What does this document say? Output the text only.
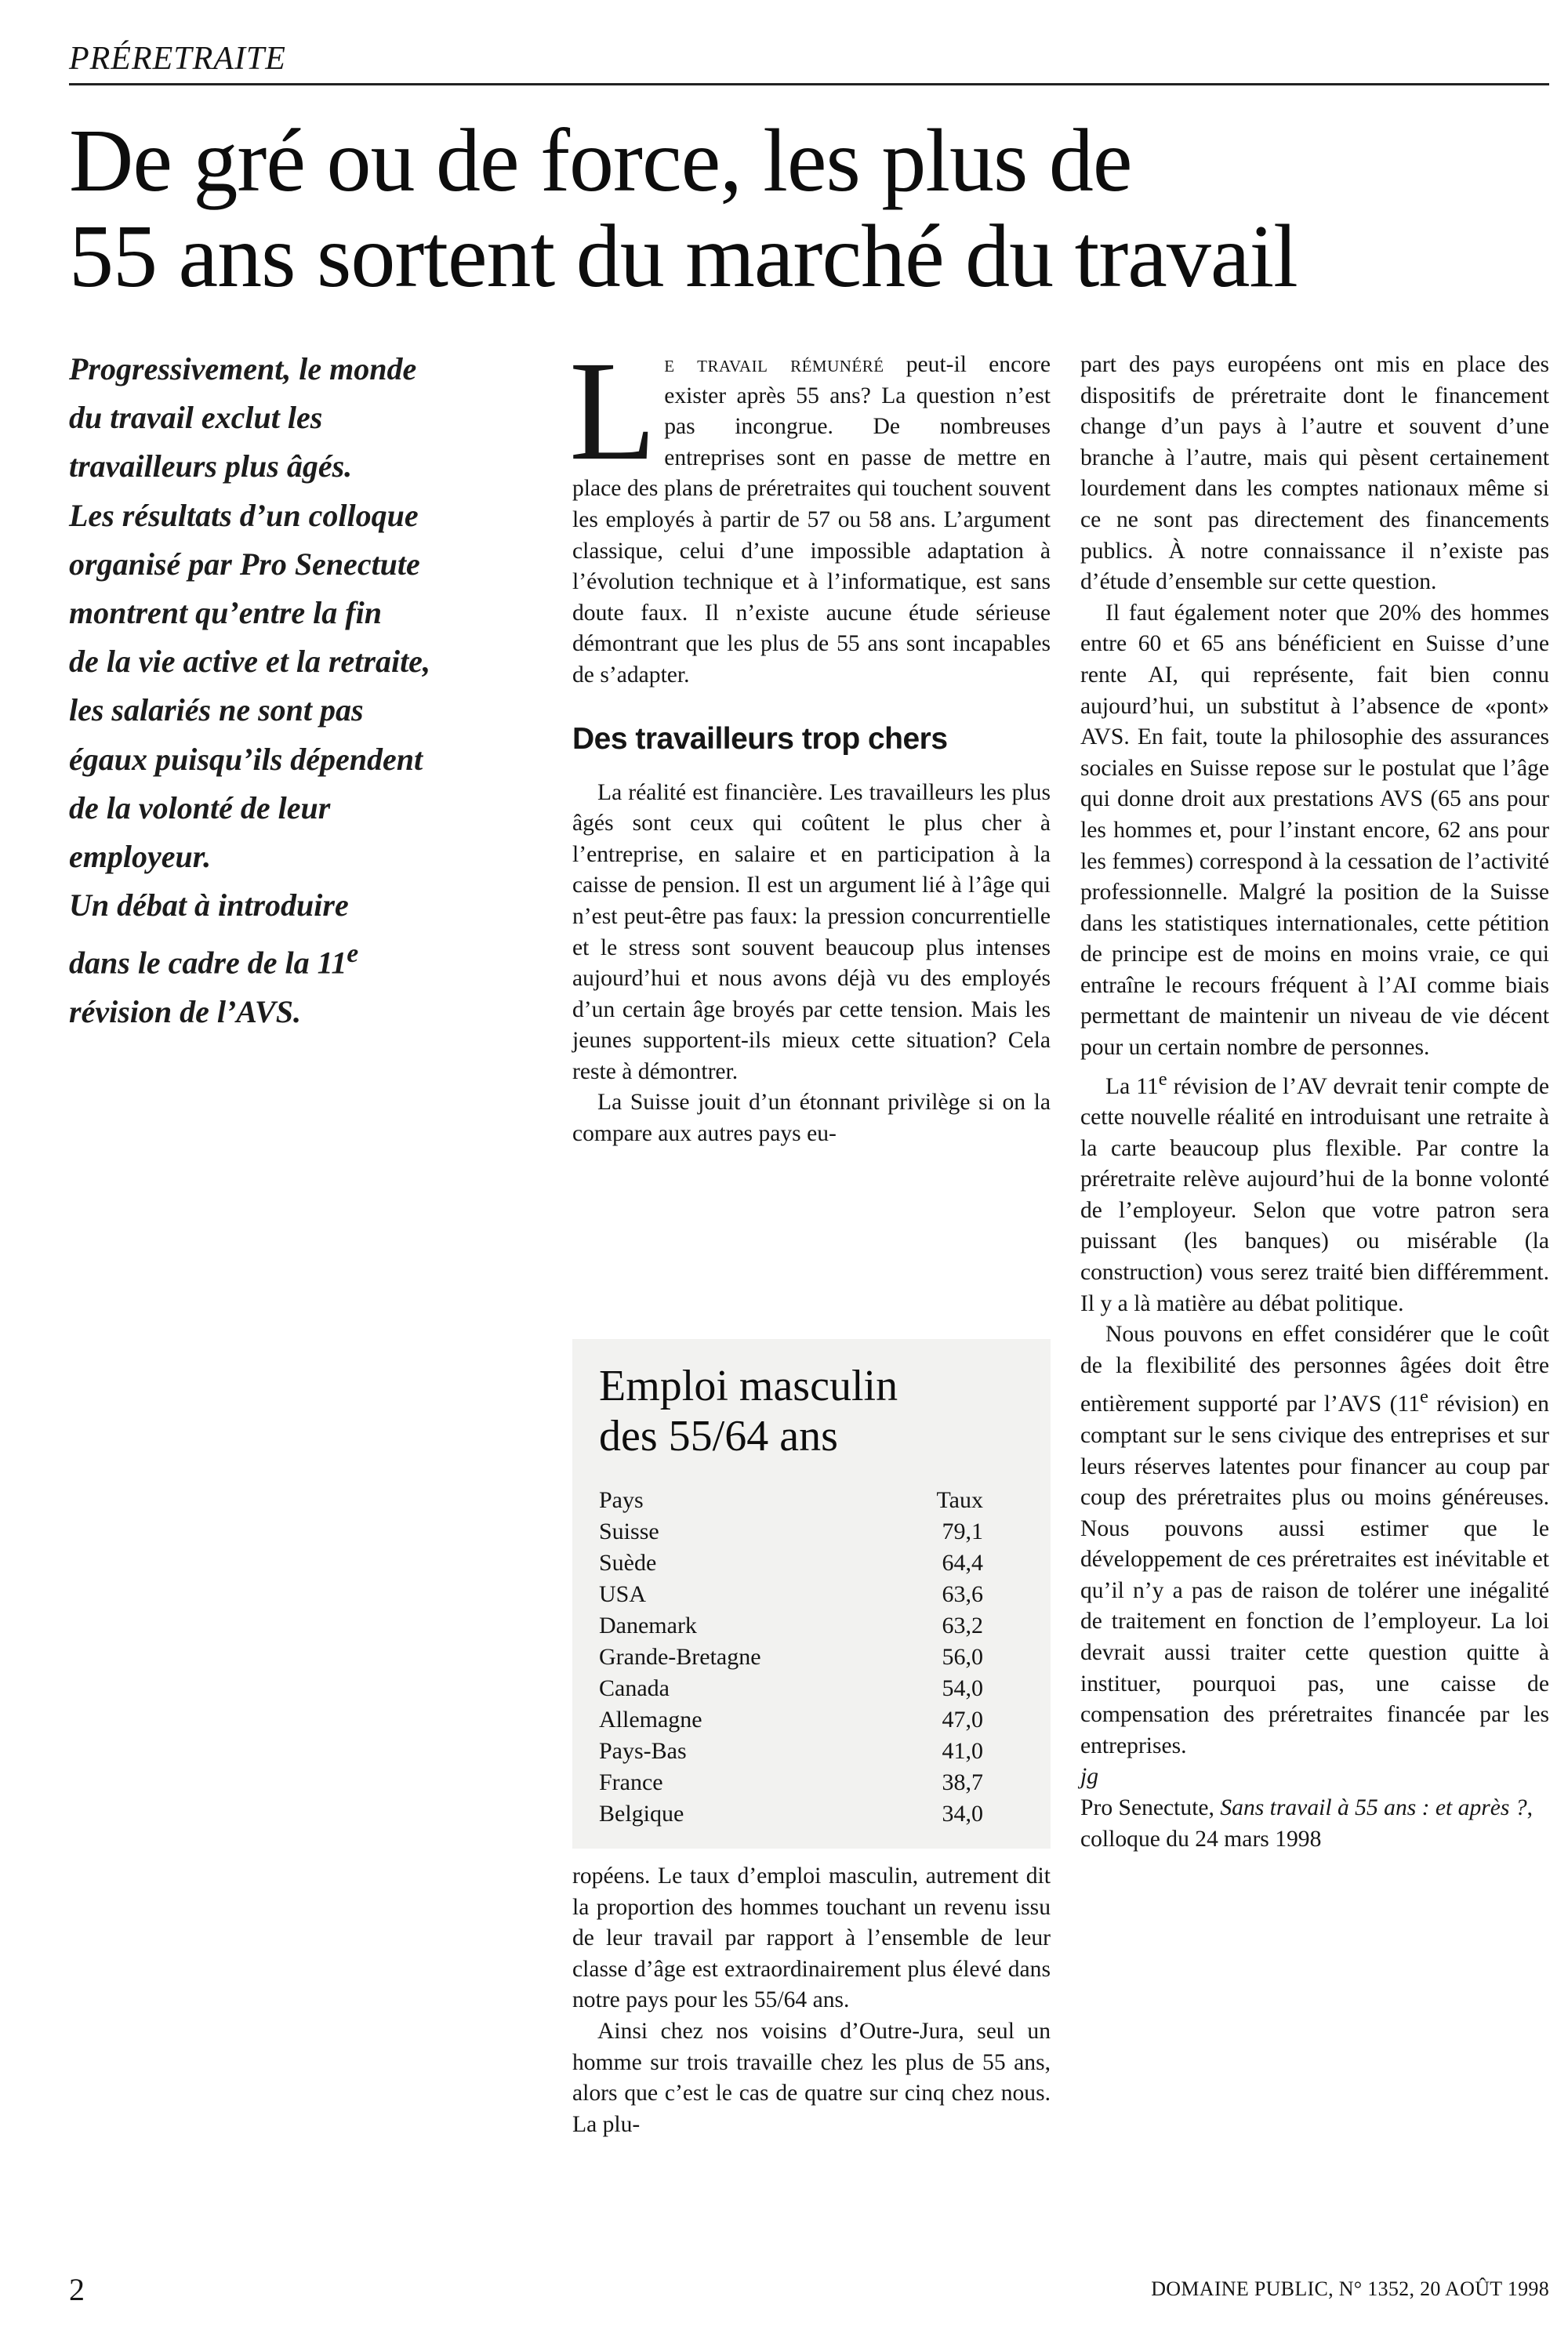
PRÉRETRAITE
De gré ou de force, les plus de
55 ans sortent du marché du travail
Progressivement, le monde
du travail exclut les
travailleurs plus âgés.
Les résultats d’un colloque
organisé par Pro Senectute
montrent qu’entre la fin
de la vie active et la retraite,
les salariés ne sont pas
égaux puisqu’ils dépendent
de la volonté de leur
employeur.
Un débat à introduire
dans le cadre de la 11e
révision de l’AVS.

Le travail rémunéré peut-il encore exister après 55 ans? La question n’est pas incongrue. De nombreuses entreprises sont en passe de mettre en place des plans de préretraites qui touchent souvent les employés à partir de 57 ou 58 ans. L’argument classique, celui d’une impossible adaptation à l’évolution technique et à l’informatique, est sans doute faux. Il n’existe aucune étude sérieuse démontrant que les plus de 55 ans sont incapables de s’adapter.

Des travailleurs trop chers

La réalité est financière. Les travailleurs les plus âgés sont ceux qui coûtent le plus cher à l’entreprise, en salaire et en participation à la caisse de pension. Il est un argument lié à l’âge qui n’est peut-être pas faux: la pression concurrentielle et le stress sont souvent beaucoup plus intenses aujourd’hui et nous avons déjà vu des employés d’un certain âge broyés par cette tension. Mais les jeunes supportent-ils mieux cette situation? Cela reste à démontrer.

La Suisse jouit d’un étonnant privilège si on la compare aux autres pays eu-

Emploi masculin
des 55/64 ans
Pays	Taux
Suisse	79,1
Suède	64,4
USA	63,6
Danemark	63,2
Grande-Bretagne	56,0
Canada	54,0
Allemagne	47,0
Pays-Bas	41,0
France	38,7
Belgique	34,0

ropéens. Le taux d’emploi masculin, autrement dit la proportion des hommes touchant un revenu issu de leur travail par rapport à l’ensemble de leur classe d’âge est extraordinairement plus élevé dans notre pays pour les 55/64 ans.

Ainsi chez nos voisins d’Outre-Jura, seul un homme sur trois travaille chez les plus de 55 ans, alors que c’est le cas de quatre sur cinq chez nous. La plu-

part des pays européens ont mis en place des dispositifs de préretraite dont le financement change d’un pays à l’autre et souvent d’une branche à l’autre, mais qui pèsent certainement lourdement dans les comptes nationaux même si ce ne sont pas directement des financements publics. À notre connaissance il n’existe pas d’étude d’ensemble sur cette question.

Il faut également noter que 20% des hommes entre 60 et 65 ans bénéficient en Suisse d’une rente AI, qui représente, fait bien connu aujourd’hui, un substitut à l’absence de «pont» AVS. En fait, toute la philosophie des assurances sociales en Suisse repose sur le postulat que l’âge qui donne droit aux prestations AVS (65 ans pour les hommes et, pour l’instant encore, 62 ans pour les femmes) correspond à la cessation de l’activité professionnelle. Malgré la position de la Suisse dans les statistiques internationales, cette pétition de principe est de moins en moins vraie, ce qui entraîne le recours fréquent à l’AI comme biais permettant de maintenir un niveau de vie décent pour un certain nombre de personnes.

La 11e révision de l’AV devrait tenir compte de cette nouvelle réalité en introduisant une retraite à la carte beaucoup plus flexible. Par contre la préretraite relève aujourd’hui de la bonne volonté de l’employeur. Selon que votre patron sera puissant (les banques) ou misérable (la construction) vous serez traité bien différemment. Il y a là matière au débat politique.

Nous pouvons en effet considérer que le coût de la flexibilité des personnes âgées doit être entièrement supporté par l’AVS (11e révision) en comptant sur le sens civique des entreprises et sur leurs réserves latentes pour financer au coup par coup des préretraites plus ou moins généreuses. Nous pouvons aussi estimer que le développement de ces préretraites est inévitable et qu’il n’y a pas de raison de tolérer une inégalité de traitement en fonction de l’employeur. La loi devrait aussi traiter cette question quitte à instituer, pourquoi pas, une caisse de compensation des préretraites financée par les entreprises.

jg

Pro Senectute, Sans travail à 55 ans : et après ?, colloque du 24 mars 1998

2	DOMAINE PUBLIC, N° 1352, 20 AOÛT 1998
